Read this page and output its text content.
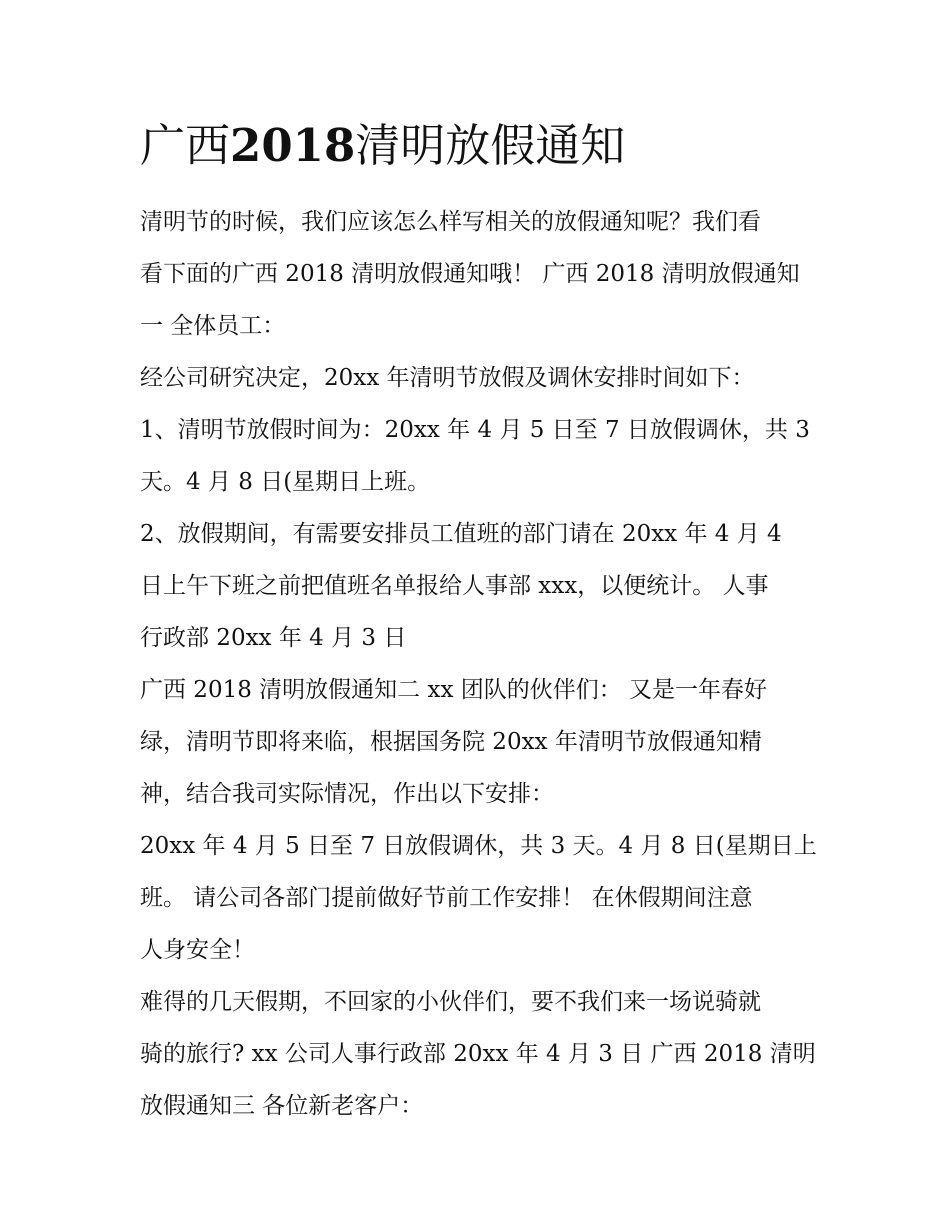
广西2018清明放假通知
清明节的时候，我们应该怎么样写相关的放假通知呢？我们看
看下面的广西 2018 清明放假通知哦！ 广西 2018 清明放假通知
一 全体员工：
经公司研究决定，20xx 年清明节放假及调休安排时间如下：
1、清明节放假时间为：20xx 年 4 月 5 日至 7 日放假调休，共 3
天。4 月 8 日(星期日上班。
2、放假期间，有需要安排员工值班的部门请在 20xx 年 4 月 4
日上午下班之前把值班名单报给人事部 xxx，以便统计。 人事
行政部 20xx 年 4 月 3 日
广西 2018 清明放假通知二 xx 团队的伙伴们： 又是一年春好
绿，清明节即将来临，根据国务院 20xx 年清明节放假通知精
神，结合我司实际情况，作出以下安排：
20xx 年 4 月 5 日至 7 日放假调休，共 3 天。4 月 8 日(星期日上
班。 请公司各部门提前做好节前工作安排！ 在休假期间注意
人身安全！
难得的几天假期，不回家的小伙伴们，要不我们来一场说骑就
骑的旅行? xx 公司人事行政部 20xx 年 4 月 3 日 广西 2018 清明
放假通知三 各位新老客户：
